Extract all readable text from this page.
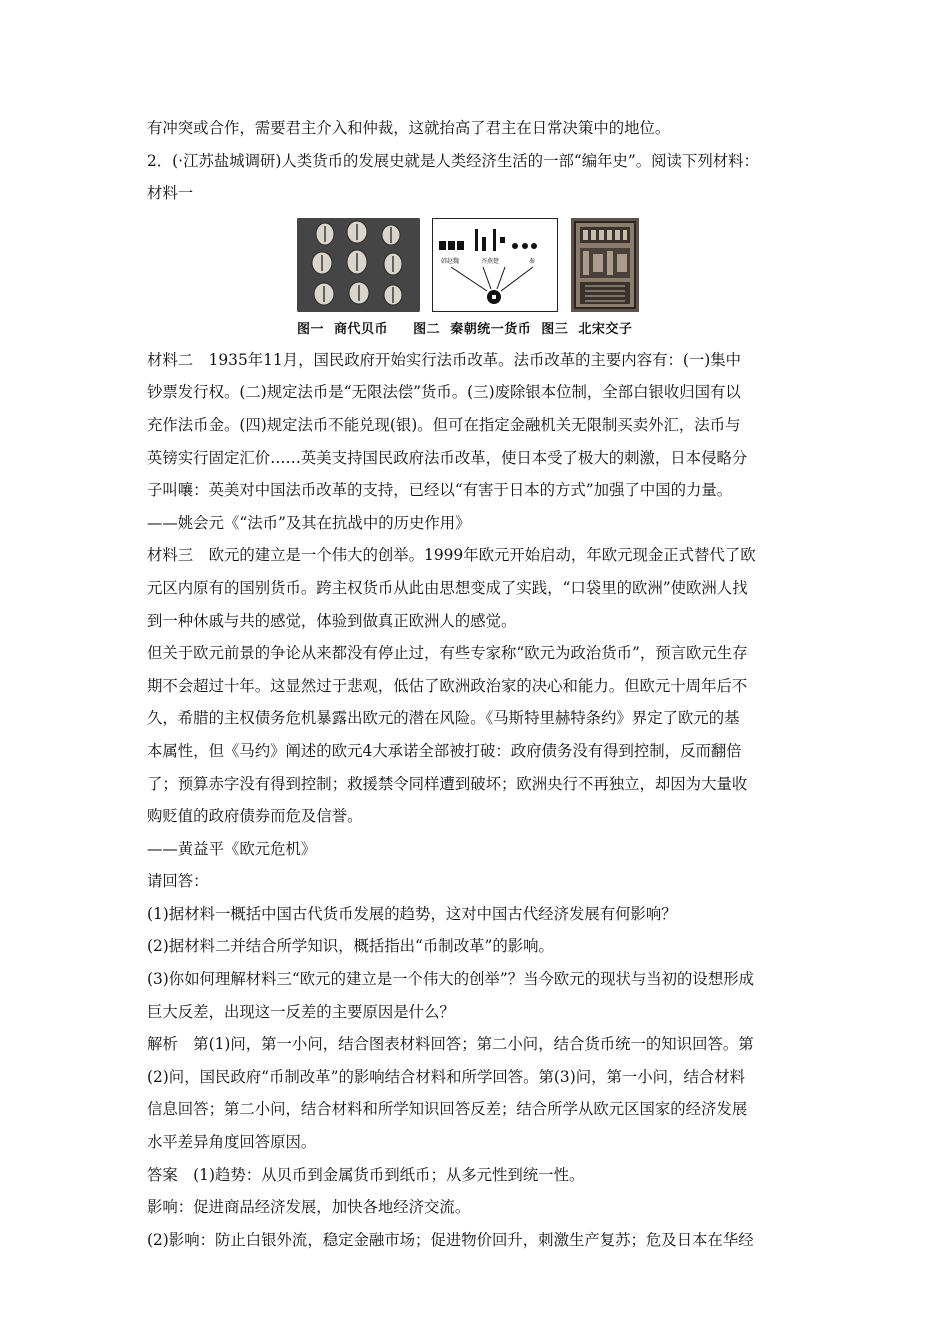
有冲突或合作，需要君主介入和仲裁，这就抬高了君主在日常决策中的地位。

2．(·江苏盐城调研)人类货币的发展史就是人类经济生活的一部“编年史”。阅读下列材料：

材料一

韩赵魏	齐燕楚	秦
图一  商代贝币     图二  秦朝统一货币  图三  北宋交子

材料二　1935年11月，国民政府开始实行法币改革。法币改革的主要内容有：(一)集中

钞票发行权。(二)规定法币是“无限法偿”货币。(三)废除银本位制，全部白银收归国有以

充作法币金。(四)规定法币不能兑现(银)。但可在指定金融机关无限制买卖外汇，法币与

英镑实行固定汇价……英美支持国民政府法币改革，使日本受了极大的刺激，日本侵略分

子叫嚷：英美对中国法币改革的支持，已经以“有害于日本的方式”加强了中国的力量。

——姚会元《“法币”及其在抗战中的历史作用》

材料三　欧元的建立是一个伟大的创举。1999年欧元开始启动，年欧元现金正式替代了欧

元区内原有的国别货币。跨主权货币从此由思想变成了实践，“口袋里的欧洲”使欧洲人找

到一种休戚与共的感觉，体验到做真正欧洲人的感觉。

但关于欧元前景的争论从来都没有停止过，有些专家称“欧元为政治货币”，预言欧元生存

期不会超过十年。这显然过于悲观，低估了欧洲政治家的决心和能力。但欧元十周年后不

久，希腊的主权债务危机暴露出欧元的潜在风险。《马斯特里赫特条约》界定了欧元的基

本属性，但《马约》阐述的欧元4大承诺全部被打破：政府债务没有得到控制，反而翻倍

了；预算赤字没有得到控制；救援禁令同样遭到破坏；欧洲央行不再独立，却因为大量收

购贬值的政府债券而危及信誉。

——黄益平《欧元危机》

请回答：

(1)据材料一概括中国古代货币发展的趋势，这对中国古代经济发展有何影响？

(2)据材料二并结合所学知识，概括指出“币制改革”的影响。

(3)你如何理解材料三“欧元的建立是一个伟大的创举”？当今欧元的现状与当初的设想形成

巨大反差，出现这一反差的主要原因是什么？

解析　第(1)问，第一小问，结合图表材料回答；第二小问，结合货币统一的知识回答。第

(2)问，国民政府“币制改革”的影响结合材料和所学回答。第(3)问，第一小问，结合材料

信息回答；第二小问，结合材料和所学知识回答反差；结合所学从欧元区国家的经济发展

水平差异角度回答原因。

答案　(1)趋势：从贝币到金属货币到纸币；从多元性到统一性。

影响：促进商品经济发展，加快各地经济交流。

(2)影响：防止白银外流，稳定金融市场；促进物价回升，刺激生产复苏；危及日本在华经
